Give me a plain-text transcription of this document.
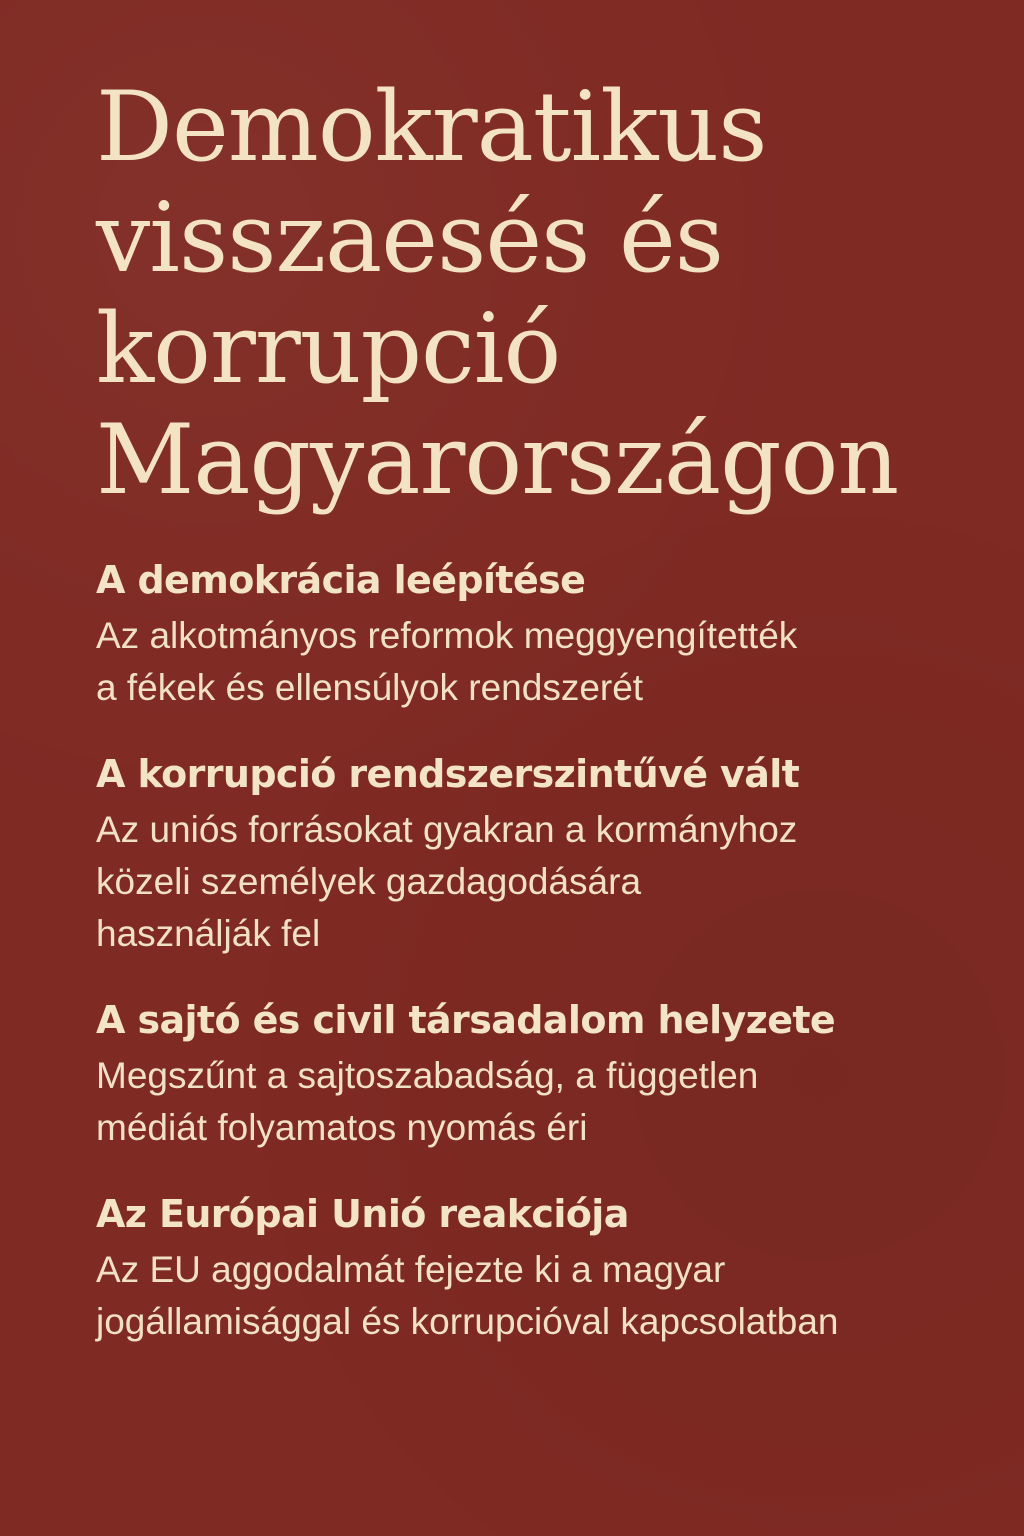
Demokratikus
visszaesés és
korrupció
Magyarországon
A demokrácia leépítése

Az alkotmányos reformok meggyengítették
a fékek és ellensúlyok rendszerét

A korrupció rendszerszintűvé vált

Az uniós forrásokat gyakran a kormányhoz
közeli személyek gazdagodására
használják fel

A sajtó és civil társadalom helyzete

Megszűnt a sajtoszabadság, a független
médiát folyamatos nyomás éri

Az Európai Unió reakciója

Az EU aggodalmát fejezte ki a magyar
jogállamisággal és korrupcióval kapcsolatban
